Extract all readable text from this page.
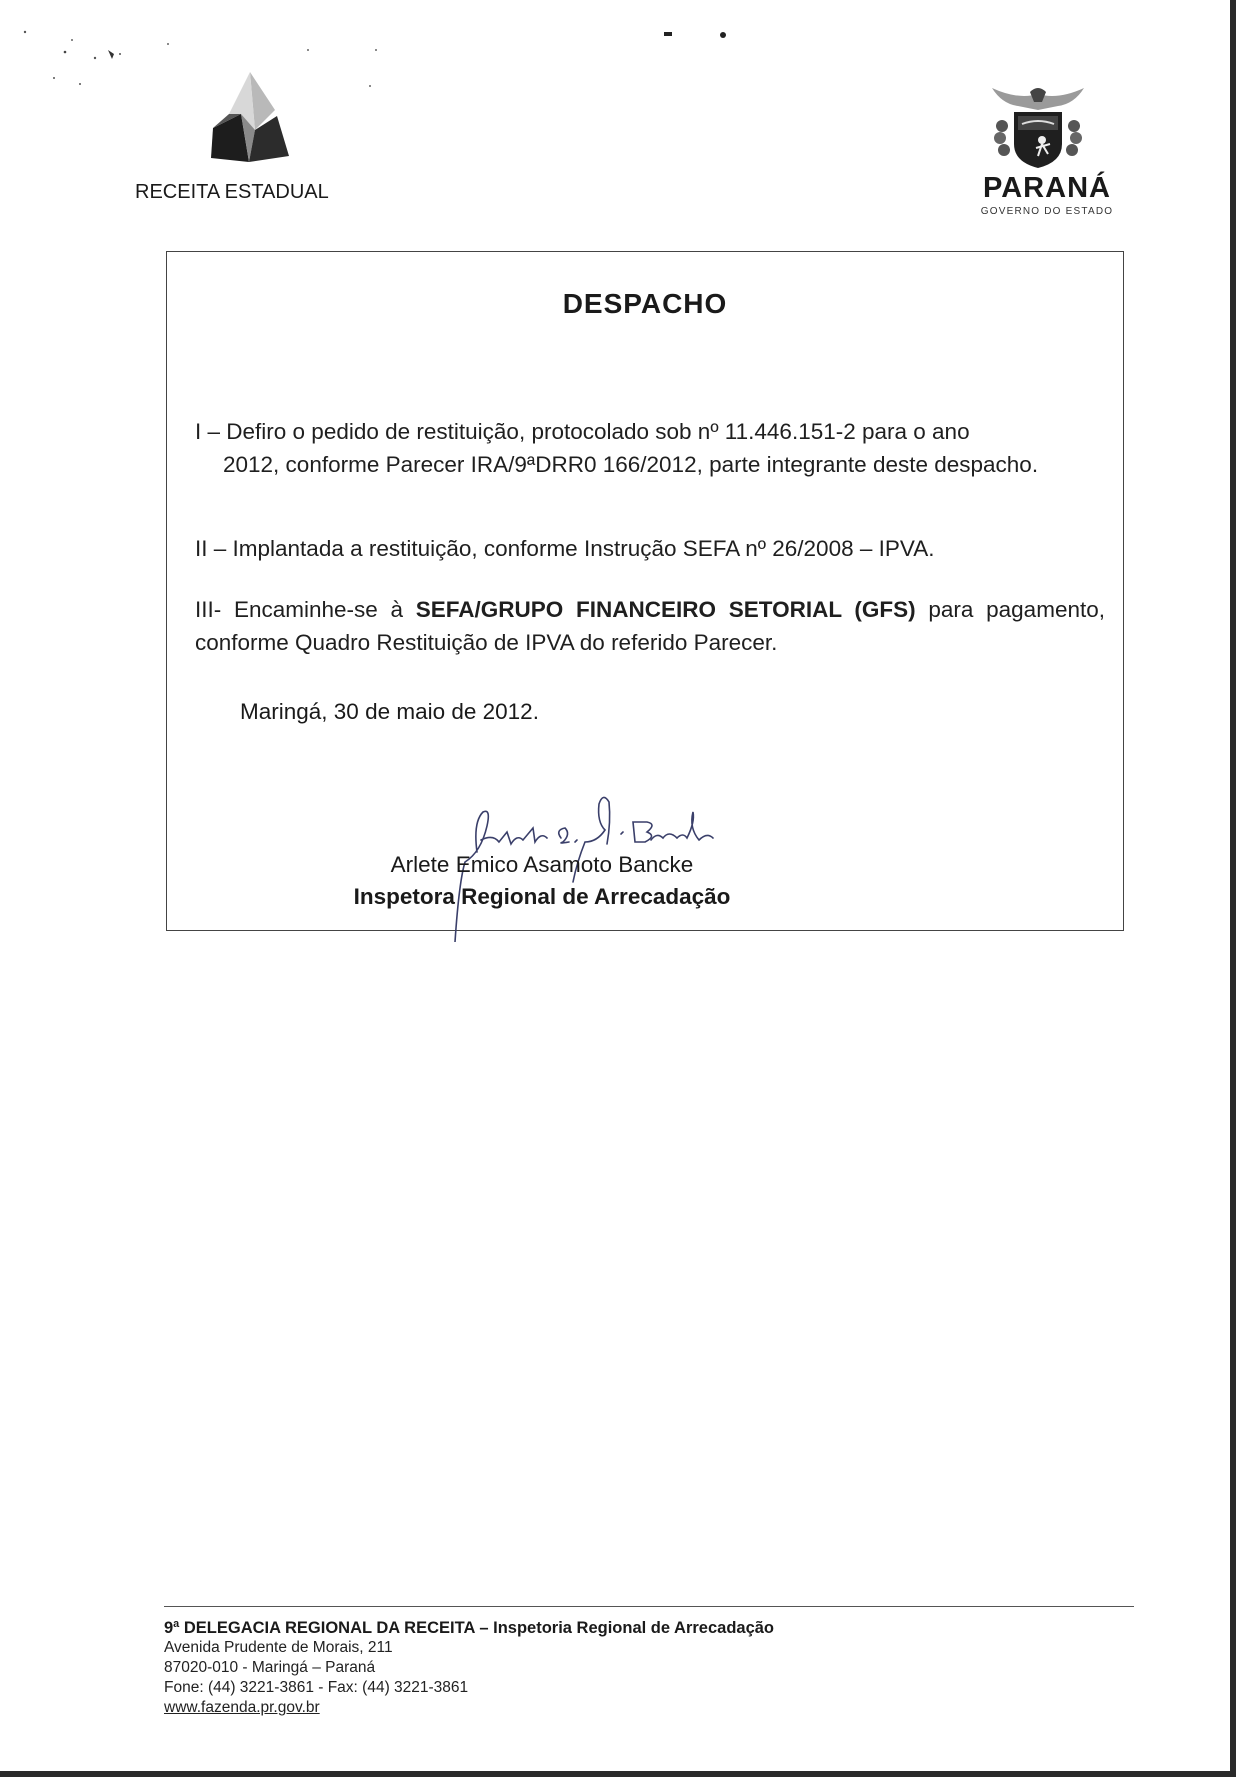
RECEITA ESTADUAL	PARANÁ
GOVERNO DO ESTADO
DESPACHO
I – Defiro o pedido de restituição, protocolado sob nº 11.446.151-2 para o ano
2012, conforme Parecer IRA/9ªDRR0 166/2012, parte integrante deste despacho.
II – Implantada a restituição, conforme Instrução SEFA nº 26/2008 – IPVA.
III- Encaminhe-se à SEFA/GRUPO FINANCEIRO SETORIAL (GFS) para pagamento, conforme Quadro Restituição de IPVA do referido Parecer.
Maringá, 30 de maio de 2012.
Arlete Emico Asamoto Bancke
Inspetora Regional de Arrecadação
9ª DELEGACIA REGIONAL DA RECEITA – Inspetoria Regional de Arrecadação
Avenida Prudente de Morais, 211
87020-010 - Maringá – Paraná
Fone: (44) 3221-3861 - Fax: (44) 3221-3861
www.fazenda.pr.gov.br
